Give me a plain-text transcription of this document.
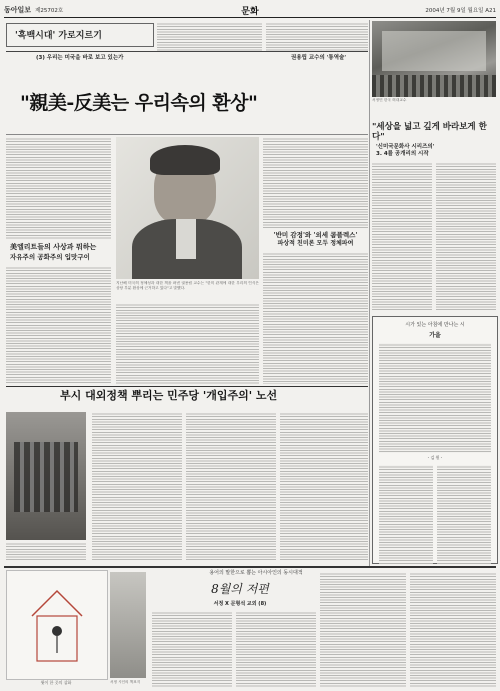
동아일보 제25702호	문화	2004년 7월 9일 월요일 A21
'흑백시대' 가로지르기
(3) 우리는 미국을 바로 보고 있는가	권용립 교수의 '통역술'
"親美-反美는 우리속의 환상"
美엘리트들의 사상과 뭐하는
자유주의 공화주의 입맛구이
지난해 미국의 정체성과 대한 책을 펴낸 권용립 교수는 "한미 관계에 대한 우리의 인식은 상당 부분 환상에 근거하고 있다"고 말했다.
'반미 감정'와 '외세 콤플렉스'
파상적 친미론 모두 정체파여
서정민 한국 외대교수
"세상을 넓고 깊게 바라보게 한다"
'신미국문화사 시리즈의'
3. 4를 공개리의 시작
시가 있는 아침에 만나는 시
가을
- 김 원 -
부시 대외정책 뿌리는 민주당 '개입주의' 노선
용어의 말한으로 뽑는 아시아인의 동시대적
윗이 한 끗의 삽화	서정 시인의 책표지
8월의 저편
서정 X 문형석 교외 (8)
